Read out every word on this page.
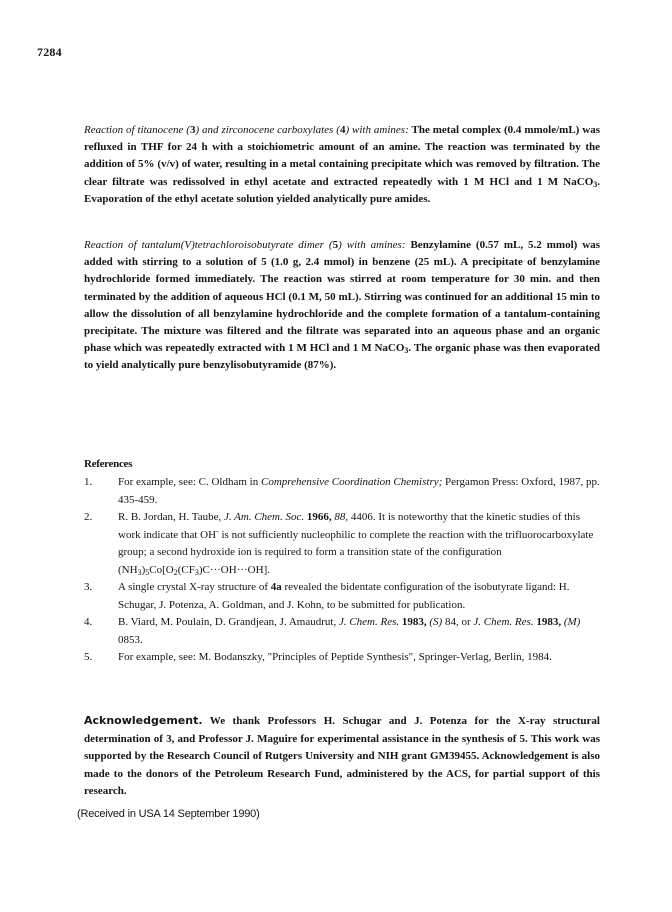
7284

Reaction of titanocene (3) and zirconocene carboxylates (4) with amines: The metal complex (0.4 mmole/mL) was refluxed in THF for 24 h with a stoichiometric amount of an amine. The reaction was terminated by the addition of 5% (v/v) of water, resulting in a metal containing precipitate which was removed by filtration. The clear filtrate was redissolved in ethyl acetate and extracted repeatedly with 1 M HCl and 1 M NaCO$_3$. Evaporation of the ethyl acetate solution yielded analytically pure amides.

Reaction of tantalum(V)tetrachloroisobutyrate dimer (5) with amines: Benzylamine (0.57 mL, 5.2 mmol) was added with stirring to a solution of 5 (1.0 g, 2.4 mmol) in benzene (25 mL). A precipitate of benzylamine hydrochloride formed immediately. The reaction was stirred at room temperature for 30 min. and then terminated by the addition of aqueous HCl (0.1 M, 50 mL). Stirring was continued for an additional 15 min to allow the dissolution of all benzylamine hydrochloride and the complete formation of a tantalum-containing precipitate. The mixture was filtered and the filtrate was separated into an aqueous phase and an organic phase which was repeatedly extracted with 1 M HCl and 1 M NaCO$_3$. The organic phase was then evaporated to yield analytically pure benzylisobutyramide (87%).

References
1. For example, see: C. Oldham in Comprehensive Coordination Chemistry; Pergamon Press: Oxford, 1987, pp. 435-459.
2. R. B. Jordan, H. Taube, J. Am. Chem. Soc. 1966, 88, 4406. It is noteworthy that the kinetic studies of this work indicate that OH- is not sufficiently nucleophilic to complete the reaction with the trifluorocarboxylate group; a second hydroxide ion is required to form a transition state of the configuration $(NH_3)_5Co[O_2(CF_3)C\cdot\cdot\cdot OH\cdot\cdot\cdot OH]$.
3. A single crystal X-ray structure of 4a revealed the bidentate configuration of the isobutyrate ligand: H. Schugar, J. Potenza, A. Goldman, and J. Kohn, to be submitted for publication.
4. B. Viard, M. Poulain, D. Grandjean, J. Amaudrut, J. Chem. Res. 1983, (S) 84, or J. Chem. Res. 1983, (M) 0853.
5. For example, see: M. Bodanszky, "Principles of Peptide Synthesis", Springer-Verlag, Berlin, 1984.

Acknowledgement. We thank Professors H. Schugar and J. Potenza for the X-ray structural determination of 3, and Professor J. Maguire for experimental assistance in the synthesis of 5. This work was supported by the Research Council of Rutgers University and NIH grant GM39455. Acknowledgement is also made to the donors of the Petroleum Research Fund, administered by the ACS, for partial support of this research.

(Received in USA 14 September 1990)
